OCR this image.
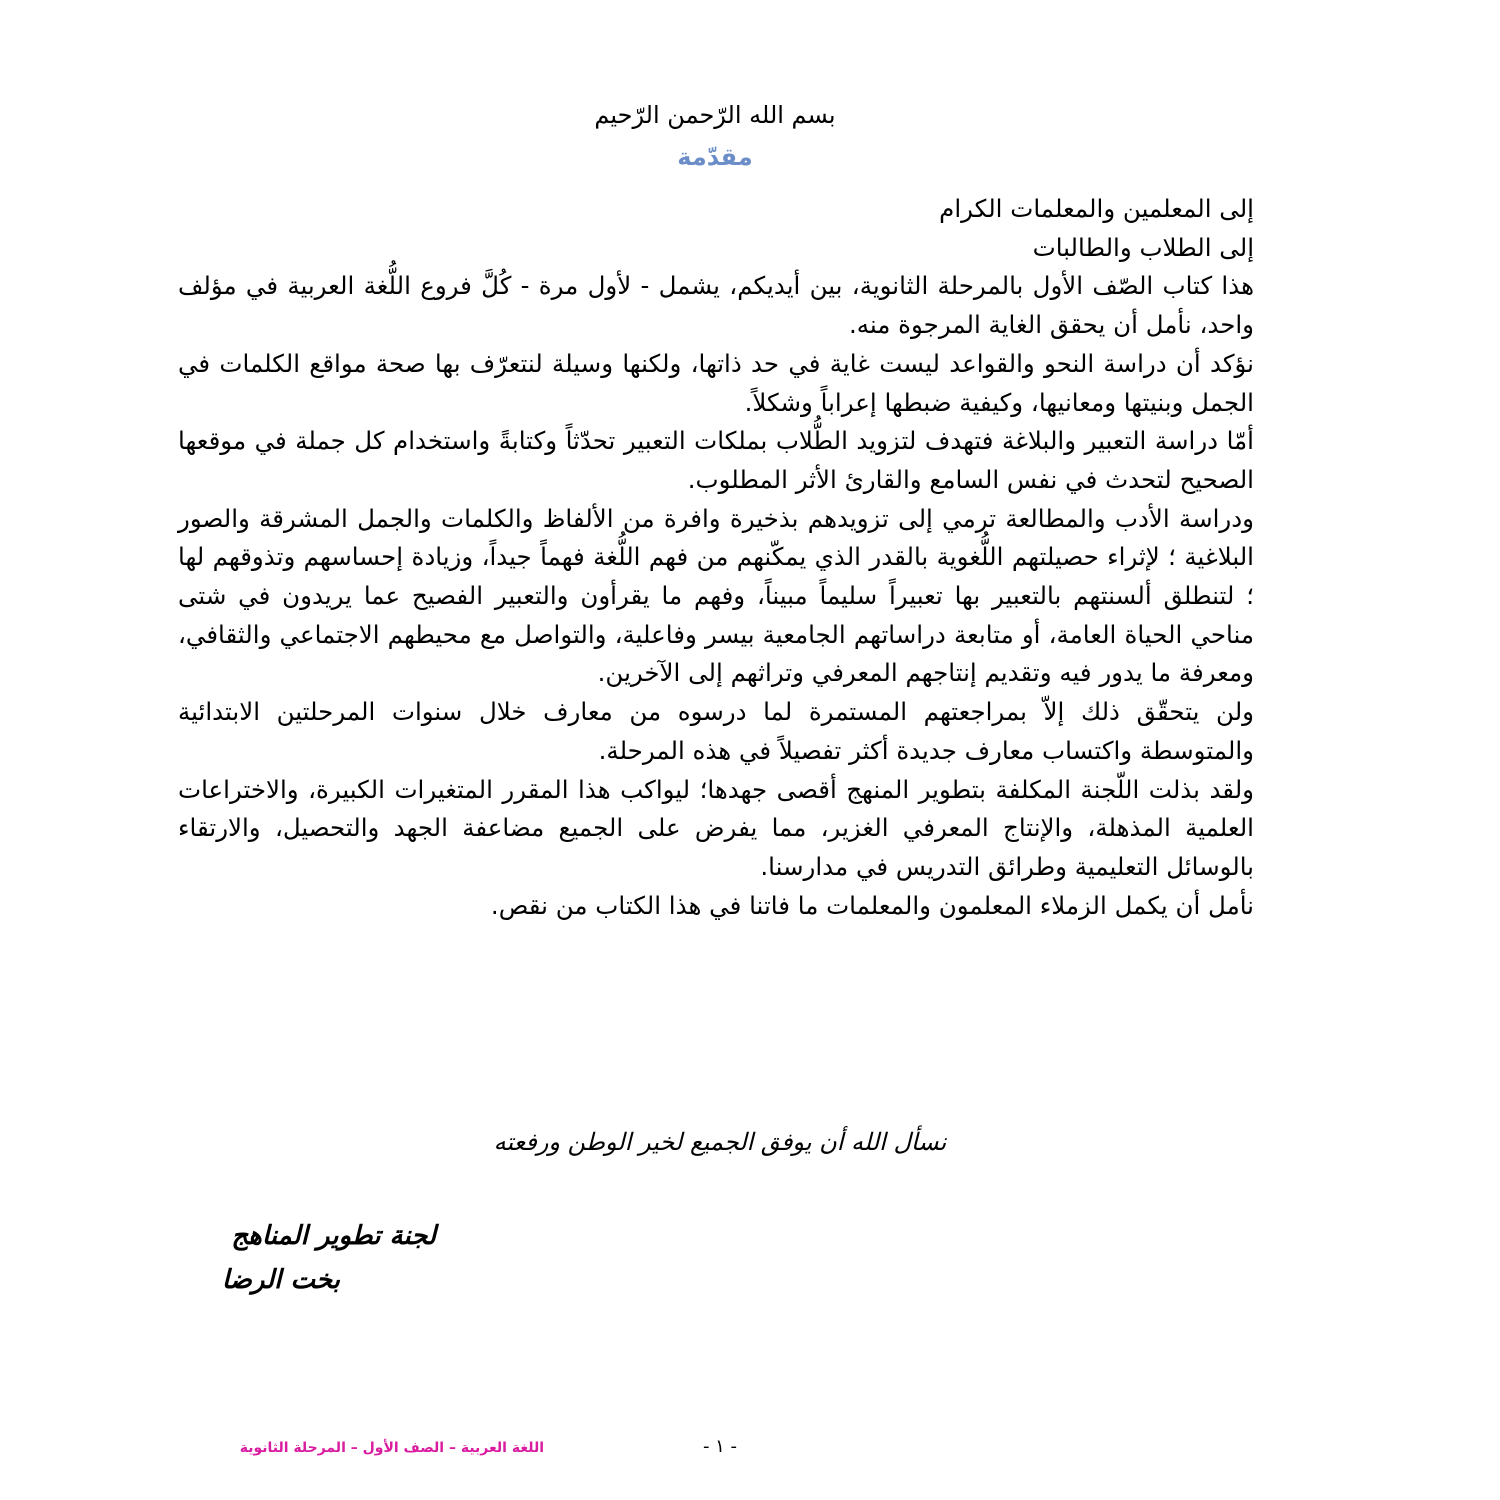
بسم الله الرّحمن الرّحيم
مقدّمة

إلى المعلمين والمعلمات الكرام

إلى الطلاب والطالبات

هذا كتاب الصّف الأول بالمرحلة الثانوية، بين أيديكم، يشمل - لأول مرة - كُلَّ فروع اللُّغة العربية في مؤلف واحد، نأمل أن يحقق الغاية المرجوة منه.

نؤكد أن دراسة النحو والقواعد ليست غاية في حد ذاتها، ولكنها وسيلة لنتعرّف بها صحة مواقع الكلمات في الجمل وبنيتها ومعانيها، وكيفية ضبطها إعراباً وشكلاً.

أمّا دراسة التعبير والبلاغة فتهدف لتزويد الطُّلاب بملكات التعبير تحدّثاً وكتابةً واستخدام كل جملة في موقعها الصحيح لتحدث في نفس السامع والقارئ الأثر المطلوب.

ودراسة الأدب والمطالعة ترمي إلى تزويدهم بذخيرة وافرة من الألفاظ والكلمات والجمل المشرقة والصور البلاغية ؛ لإثراء حصيلتهم اللُّغوية بالقدر الذي يمكّنهم من فهم اللُّغة فهماً جيداً، وزيادة إحساسهم وتذوقهم لها ؛ لتنطلق ألسنتهم بالتعبير بها تعبيراً سليماً مبيناً، وفهم ما يقرأون والتعبير الفصيح عما يريدون في شتى مناحي الحياة العامة، أو متابعة دراساتهم الجامعية بيسر وفاعلية، والتواصل مع محيطهم الاجتماعي والثقافي، ومعرفة ما يدور فيه وتقديم إنتاجهم المعرفي وتراثهم إلى الآخرين.

ولن يتحقّق ذلك إلاّ بمراجعتهم المستمرة لما درسوه من معارف خلال سنوات المرحلتين الابتدائية والمتوسطة واكتساب معارف جديدة أكثر تفصيلاً في هذه المرحلة.

ولقد بذلت اللّجنة المكلفة بتطوير المنهج أقصى جهدها؛ ليواكب هذا المقرر المتغيرات الكبيرة، والاختراعات العلمية المذهلة، والإنتاج المعرفي الغزير، مما يفرض على الجميع مضاعفة الجهد والتحصيل، والارتقاء بالوسائل التعليمية وطرائق التدريس في مدارسنا.

نأمل أن يكمل الزملاء المعلمون والمعلمات ما فاتنا في هذا الكتاب من نقص.

نسأل الله أن يوفق الجميع لخير الوطن ورفعته
لجنة تطوير المناهج
بخت الرضا
اللغة العربية – الصف الأول – المرحلة الثانوية	- ١ -
